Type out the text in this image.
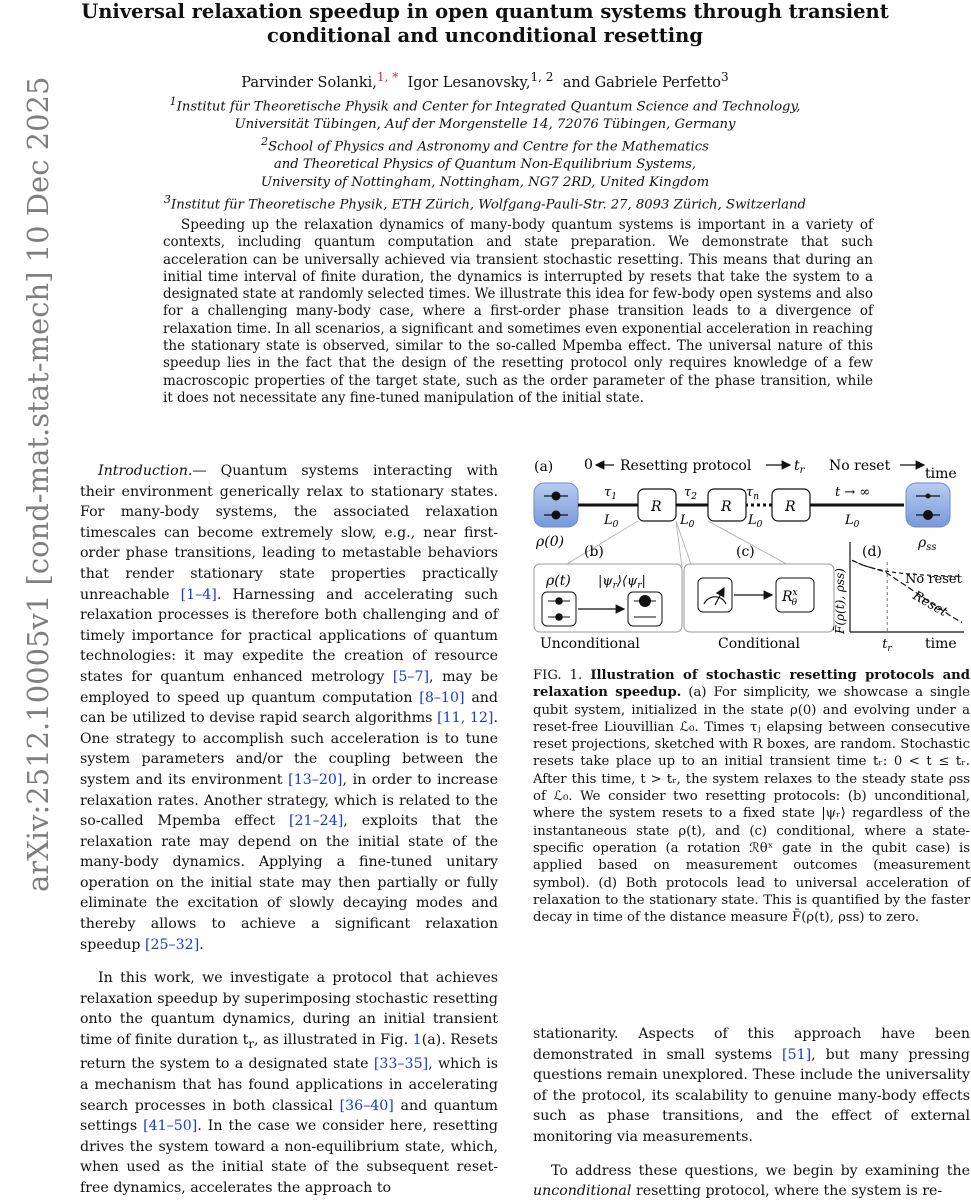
arXiv:2512.10005v1 [cond-mat.stat-mech] 10 Dec 2025
Universal relaxation speedup in open quantum systems through transient conditional and unconditional resetting
Parvinder Solanki,$^{1, *}$ Igor Lesanovsky,$^{1, 2}$ and Gabriele Perfetto$^3$
$^1$Institut für Theoretische Physik and Center for Integrated Quantum Science and Technology,
Universität Tübingen, Auf der Morgenstelle 14, 72076 Tübingen, Germany
$^2$School of Physics and Astronomy and Centre for the Mathematics
and Theoretical Physics of Quantum Non-Equilibrium Systems,
University of Nottingham, Nottingham, NG7 2RD, United Kingdom
$^3$Institut für Theoretische Physik, ETH Zürich, Wolfgang-Pauli-Str. 27, 8093 Zürich, Switzerland
Speeding up the relaxation dynamics of many-body quantum systems is important in a variety of contexts, including quantum computation and state preparation. We demonstrate that such acceleration can be universally achieved via transient stochastic resetting. This means that during an initial time interval of finite duration, the dynamics is interrupted by resets that take the system to a designated state at randomly selected times. We illustrate this idea for few-body open systems and also for a challenging many-body case, where a first-order phase transition leads to a divergence of relaxation time. In all scenarios, a significant and sometimes even exponential acceleration in reaching the stationary state is observed, similar to the so-called Mpemba effect. The universal nature of this speedup lies in the fact that the design of the resetting protocol only requires knowledge of a few macroscopic properties of the target state, such as the order parameter of the phase transition, while it does not necessitate any fine-tuned manipulation of the initial state.

Introduction.— Quantum systems interacting with their environment generically relax to stationary states. For many-body systems, the associated relaxation timescales can become extremely slow, e.g., near first-order phase transitions, leading to metastable behaviors that render stationary state properties practically unreachable [1–4]. Harnessing and accelerating such relaxation processes is therefore both challenging and of timely importance for practical applications of quantum technologies: it may expedite the creation of resource states for quantum enhanced metrology [5–7], may be employed to speed up quantum computation [8–10] and can be utilized to devise rapid search algorithms [11, 12]. One strategy to accomplish such acceleration is to tune system parameters and/or the coupling between the system and its environment [13–20], in order to increase relaxation rates. Another strategy, which is related to the so-called Mpemba effect [21–24], exploits that the relaxation rate may depend on the initial state of the many-body dynamics. Applying a fine-tuned unitary operation on the initial state may then partially or fully eliminate the excitation of slowly decaying modes and thereby allows to achieve a significant relaxation speedup [25–32].

In this work, we investigate a protocol that achieves relaxation speedup by superimposing stochastic resetting onto the quantum dynamics, during an initial transient time of finite duration $t_r$, as illustrated in Fig. 1(a). Resets return the system to a designated state [33–35], which is a mechanism that has found applications in accelerating search processes in both classical [36–40] and quantum settings [41–50]. In the case we consider here, resetting drives the system toward a non-equilibrium state, which, when used as the initial state of the subsequent reset-free dynamics, accelerates the approach to

(a) 0 Resetting protocol	$t_r$ No reset time
ρ(0)
$\tau_1$	$\tau_2$	$\tau_n$	t → ∞
$L_0$	$L_0$	$L_0$	$L_0$
R	R	R
$\rho_{ss}$
(b)
ρ(t) $|\psi_r⟩⟨\psi_r|$
Unconditional
(c)
$R^x$ θ
Conditional
(d)
F̄(ρ(t), ρss)
$t_r$ time
No reset
Reset
FIG. 1. Illustration of stochastic resetting protocols and relaxation speedup. (a) For simplicity, we showcase a single qubit system, initialized in the state ρ(0) and evolving under a reset-free Liouvillian ℒ₀. Times τⱼ elapsing between consecutive reset projections, sketched with R boxes, are random. Stochastic resets take place up to an initial transient time tᵣ: 0 < t ≤ tᵣ. After this time, t > tᵣ, the system relaxes to the steady state ρss of ℒ₀. We consider two resetting protocols: (b) unconditional, where the system resets to a fixed state |ψᵣ⟩ regardless of the instantaneous state ρ(t), and (c) conditional, where a state-specific operation (a rotation ℛθˣ gate in the qubit case) is applied based on measurement outcomes (measurement symbol). (d) Both protocols lead to universal acceleration of relaxation to the stationary state. This is quantified by the faster decay in time of the distance measure F̄(ρ(t), ρss) to zero.

stationarity. Aspects of this approach have been demonstrated in small systems [51], but many pressing questions remain unexplored. These include the universality of the protocol, its scalability to genuine many-body effects such as phase transitions, and the effect of external monitoring via measurements.

To address these questions, we begin by examining the unconditional resetting protocol, where the system is re-
